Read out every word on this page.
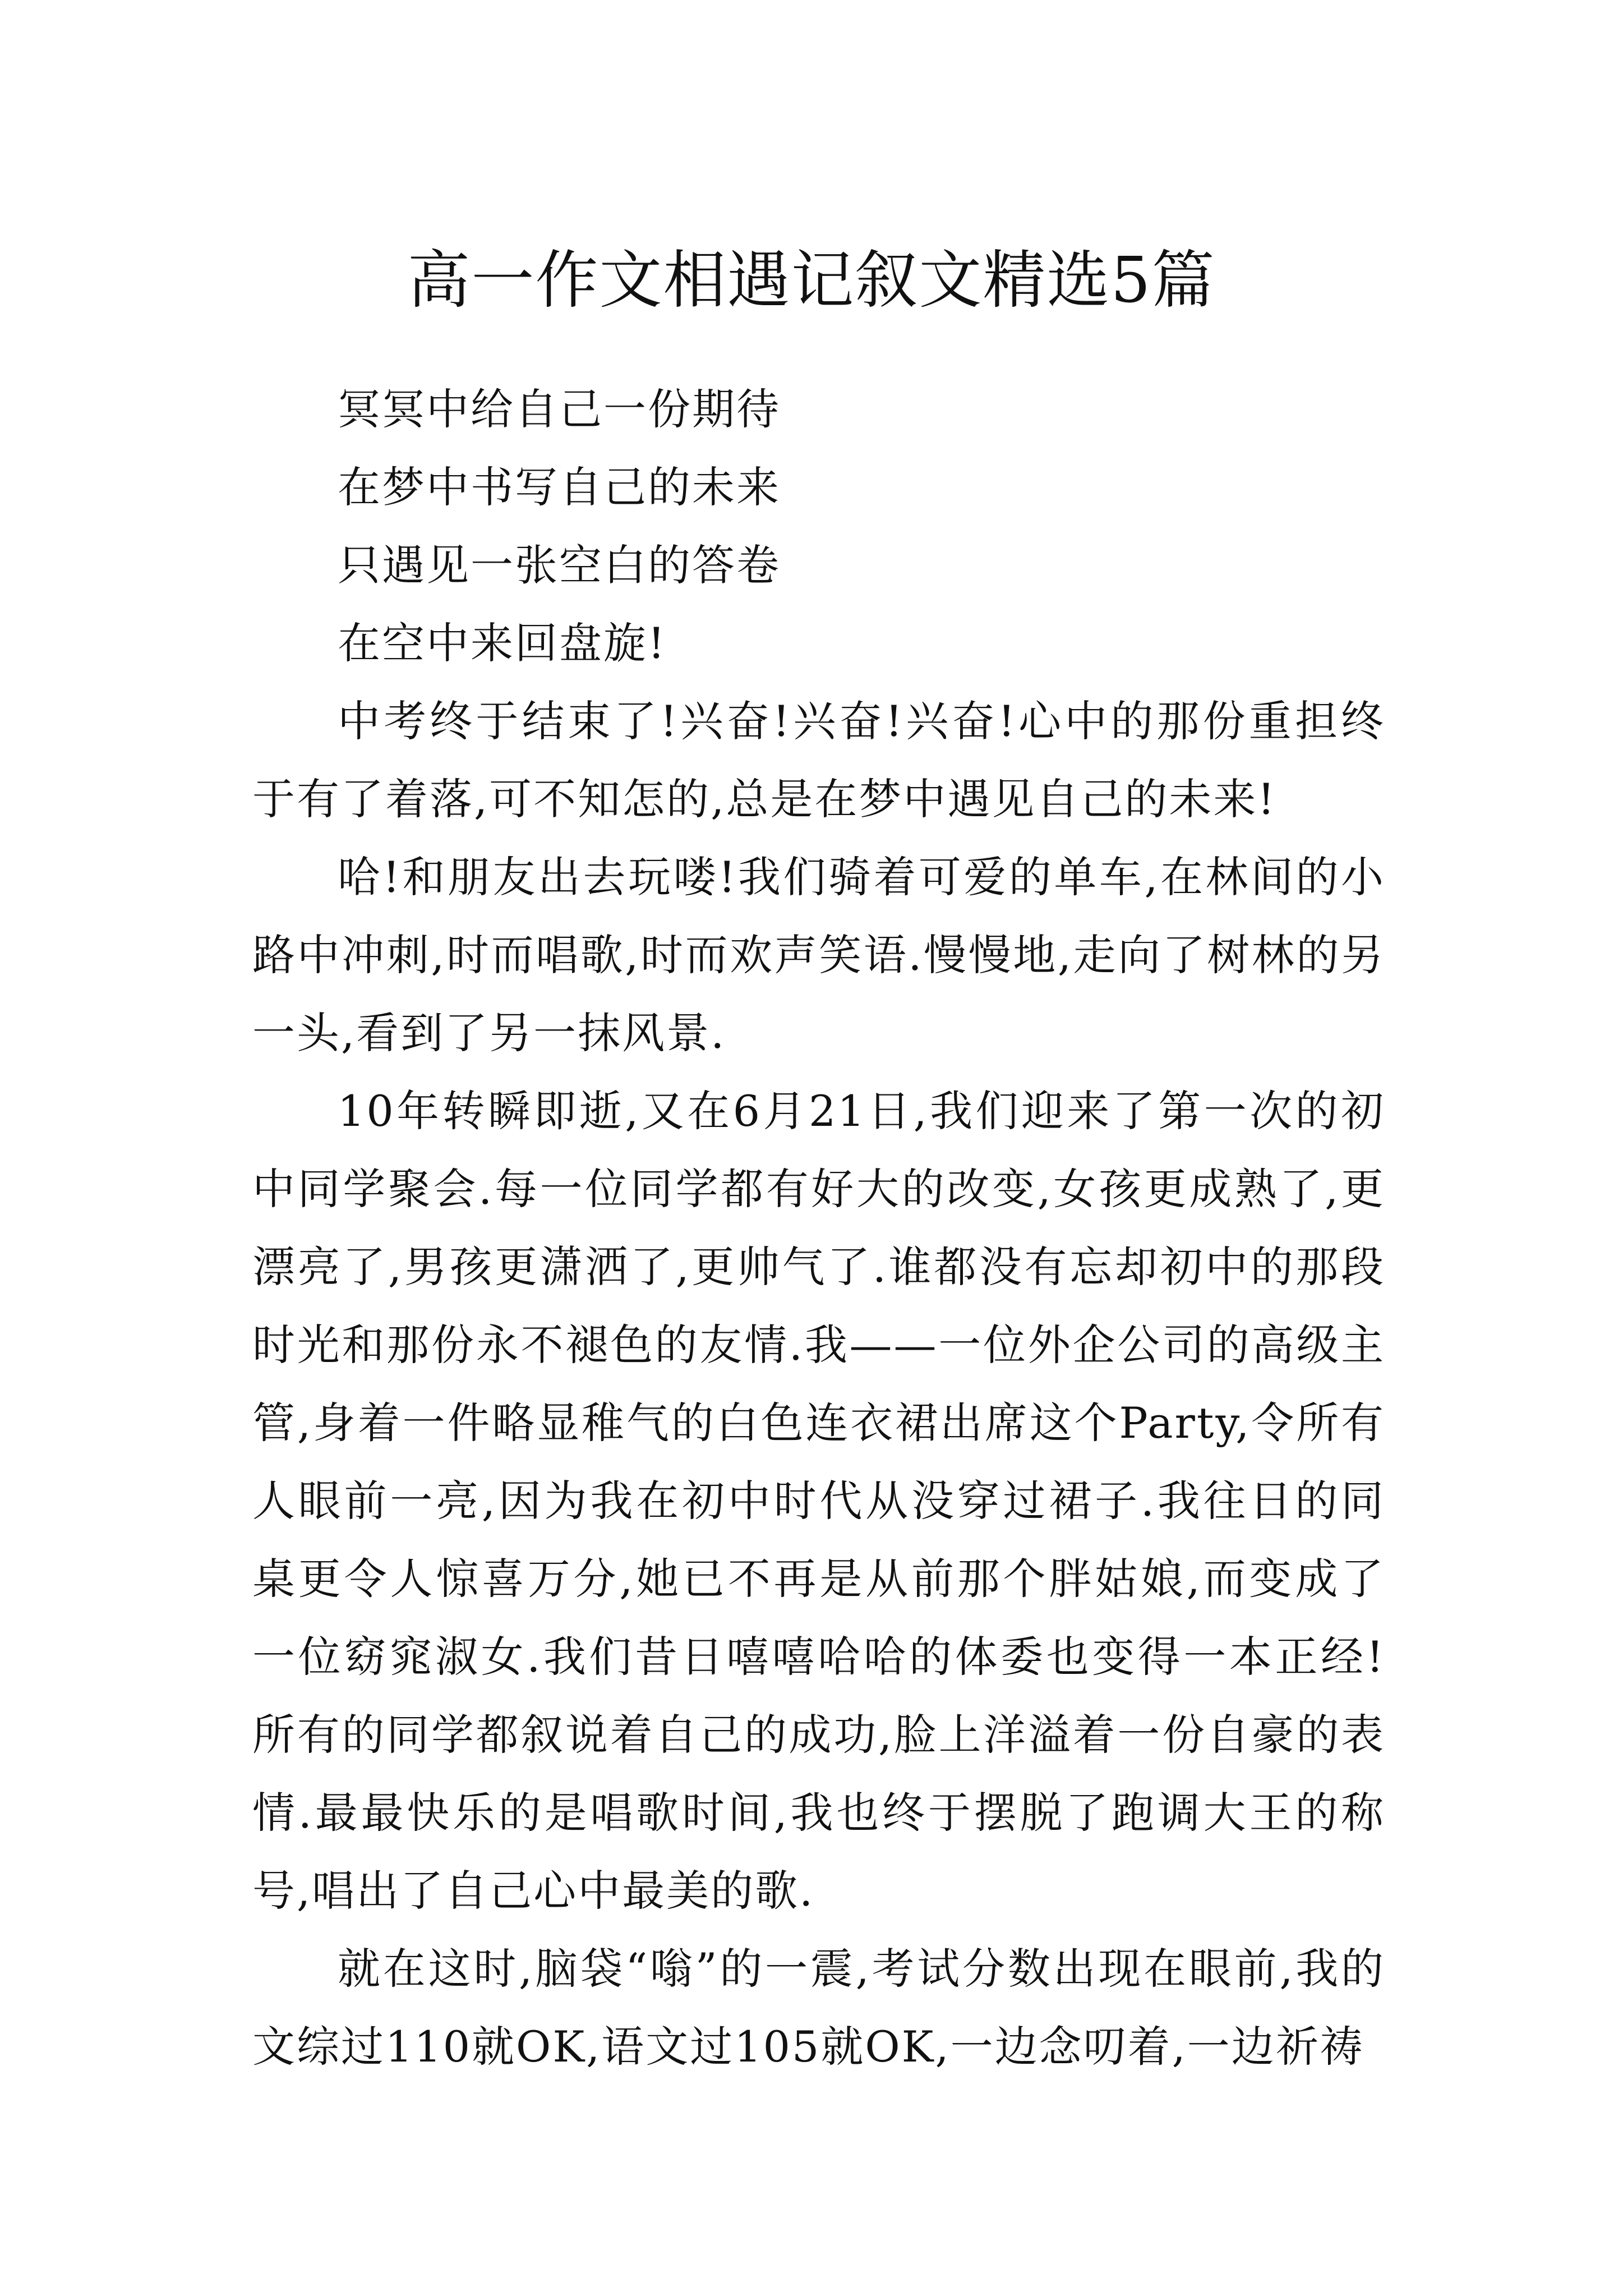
高一作文相遇记叙文精选5篇

冥冥中给自己一份期待

在梦中书写自己的未来

只遇见一张空白的答卷

在空中来回盘旋!

中考终于结束了!兴奋!兴奋!兴奋!心中的那份重担终于有了着落,可不知怎的,总是在梦中遇见自己的未来!

哈!和朋友出去玩喽!我们骑着可爱的单车,在林间的小路中冲刺,时而唱歌,时而欢声笑语.慢慢地,走向了树林的另一头,看到了另一抹风景.

10年转瞬即逝,又在6月21日,我们迎来了第一次的初中同学聚会.每一位同学都有好大的改变,女孩更成熟了,更漂亮了,男孩更潇洒了,更帅气了.谁都没有忘却初中的那段时光和那份永不褪色的友情.我——一位外企公司的高级主管,身着一件略显稚气的白色连衣裙出席这个Party,令所有人眼前一亮,因为我在初中时代从没穿过裙子.我往日的同桌更令人惊喜万分,她已不再是从前那个胖姑娘,而变成了一位窈窕淑女.我们昔日嘻嘻哈哈的体委也变得一本正经!所有的同学都叙说着自己的成功,脸上洋溢着一份自豪的表情.最最快乐的是唱歌时间,我也终于摆脱了跑调大王的称号,唱出了自己心中最美的歌.

就在这时,脑袋“嗡”的一震,考试分数出现在眼前,我的文综过110就OK,语文过105就OK,一边念叨着,一边祈祷
